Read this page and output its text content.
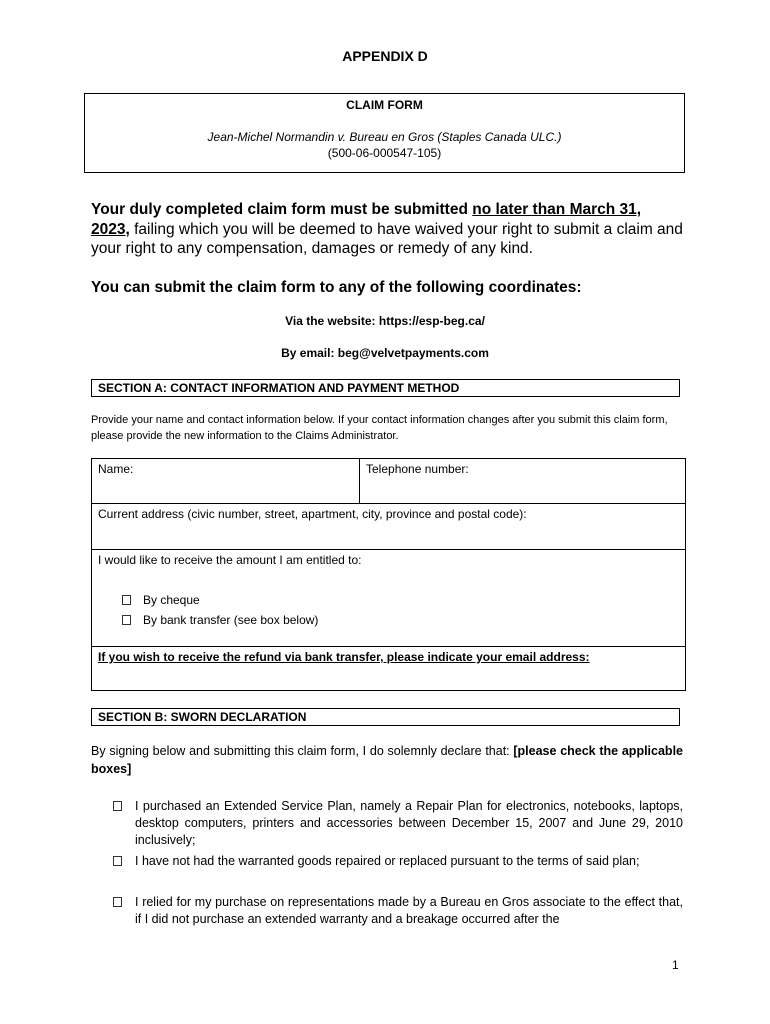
APPENDIX D
CLAIM FORM
Jean-Michel Normandin v. Bureau en Gros (Staples Canada ULC.)
(500-06-000547-105)
Your duly completed claim form must be submitted no later than March 31, 2023, failing which you will be deemed to have waived your right to submit a claim and your right to any compensation, damages or remedy of any kind.
You can submit the claim form to any of the following coordinates:
Via the website: https://esp-beg.ca/
By email: beg@velvetpayments.com
SECTION A: CONTACT INFORMATION AND PAYMENT METHOD
Provide your name and contact information below. If your contact information changes after you submit this claim form, please provide the new information to the Claims Administrator.
Name:	Telephone number:
Current address (civic number, street, apartment, city, province and postal code):

I would like to receive the amount I am entitled to:
By cheque
By bank transfer (see box below)

If you wish to receive the refund via bank transfer, please indicate your email address:
SECTION B: SWORN DECLARATION
By signing below and submitting this claim form, I do solemnly declare that: [please check the applicable boxes]
I purchased an Extended Service Plan, namely a Repair Plan for electronics, notebooks, laptops, desktop computers, printers and accessories between December 15, 2007 and June 29, 2010 inclusively;
I have not had the warranted goods repaired or replaced pursuant to the terms of said plan;
I relied for my purchase on representations made by a Bureau en Gros associate to the effect that, if I did not purchase an extended warranty and a breakage occurred after the
1
